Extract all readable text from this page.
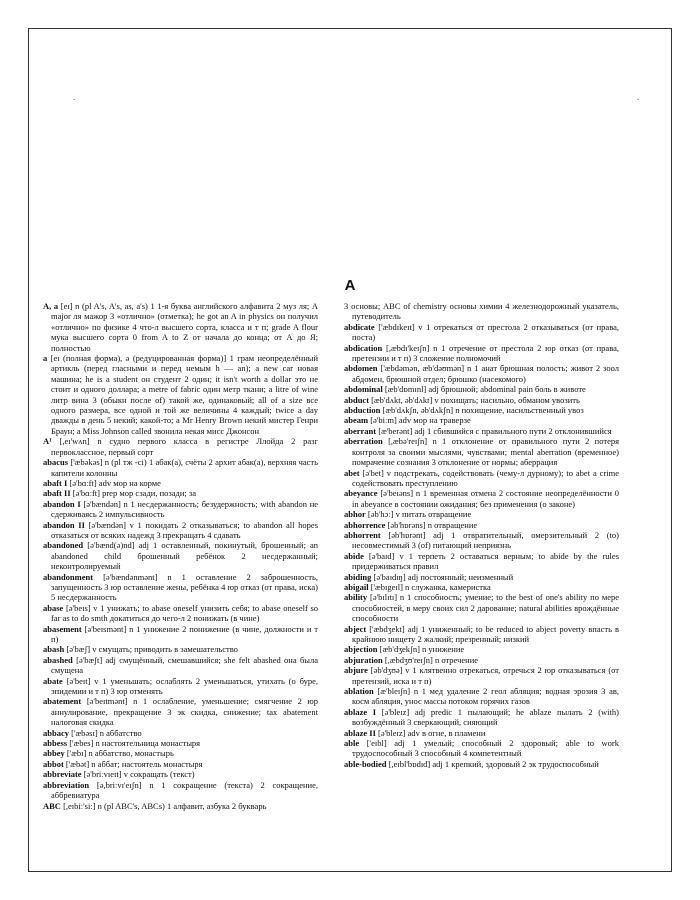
.	.
A

A, a [eɪ] n (pl A's, A's, as, a's) 1 1-я буква английского алфавита 2 муз ля; A major ля мажор 3 «отлично» (отметка); he got an A in physics он получил «отлично» по физике 4 что-л высшего сорта, класса и т п; grade A flour мука высшего сорта 0 from A to Z от начала до конца; от А до Я; полностью

a [eɪ (полная форма), ə (редуцированная форма)] 1 грам неопределённый артикль (перед гласными и перед немым h — an); a new car новая машина; he is a student он студент 2 один; it isn't worth a dollar это не стоит и одного доллара; a metre of fabric один метр ткани; a litre of wine литр вина 3 (обыкн после of) такой же, одинаковый; all of a size все одного размера, все одной и той же величины 4 каждый; twice a day дважды в день 5 некий; какой-то; a Mr Henry Brown некий мистер Генри Браун; a Miss Johnson called звонила некая мисс Джонсон

A¹ [,eɪ'wʌn] n судно первого класса в регистре Ллойда 2 разг первоклассное, первый сорт

abacus ['æbəkəs] n (pl тж -ci) 1 абак(а), счёты 2 архит абак(а), верхняя часть капители колонны

abaft I [ə'bɑːft] adv мор на корме

abaft II [ə'bɑːft] prep мор сзади, позади; за

abandon I [ə'bændən] n 1 несдержанность; безудержность; with abandon не сдерживаясь 2 импульсивность

abandon II [ə'bændən] v 1 покидать 2 отказываться; to abandon all hopes отказаться от всяких надежд 3 прекращать 4 сдавать

abandoned [ə'bænd(ə)nd] adj 1 оставленный, покинутый, брошенный; an abandoned child брошенный ребёнок 2 несдержанный; неконтролируемый

abandonment [ə'bændənmənt] n 1 оставление 2 заброшенность, запущенность 3 юр оставление жены, ребёнка 4 юр отказ (от права, иска) 5 несдержанность

abase [ə'beɪs] v 1 унижать; to abase oneself унизить себя; to abase oneself so far as to do smth докатиться до чего-л 2 понижать (в чине)

abasement [ə'beɪsmənt] n 1 унижение 2 понижение (в чине, должности и т п)

abash [ə'bæʃ] v смущать; приводить в замешательство

abashed [ə'bæʃt] adj смущённый, смешавшийся; she felt abashed она была смущена

abate [ə'beɪt] v 1 уменьшать; ослаблять 2 уменьшаться, утихать (о буре, эпидемии и т п) 3 юр отменять

abatement [ə'beɪtmənt] n 1 ослабление, уменьшение; смягчение 2 юр аннулирование, прекращение 3 эк скидка, снижение; tax abatement налоговая скидка

abbacy ['æbəsɪ] n аббатство

abbess ['æbes] n настоятельница монастыря

abbey ['æbɪ] n аббатство, монастырь

abbot ['æbət] n аббат; настоятель монастыря

abbreviate [ə'briːvɪeɪt] v сокращать (текст)

abbreviation [ə,briːvɪ'eɪʃn] n 1 сокращение (текста) 2 сокращение, аббревиатура

ABC [,eɪbiː'siː] n (pl ABC's, ABCs) 1 алфавит, азбука 2 букварь

3 основы; ABC of chemistry основы химии 4 железнодорожный указатель, путеводитель

abdicate ['æbdɪkeɪt] v 1 отрекаться от престола 2 отказываться (от права, поста)

abdication [,æbdɪ'keɪʃn] n 1 отречение от престола 2 юр отказ (от права, претензии и т п) 3 сложение полномочий

abdomen ['æbdəmən, æb'dəʊmən] n 1 анат брюшная полость; живот 2 зоол абдомен, брюшной отдел; брюшко (насекомого)

abdominal [æb'dɒmɪnl] adj брюшной; abdominal pain боль в животе

abduct [æb'dʌkt, əb'dʌkt] v похищать; насильно, обманом увозить

abduction [æb'dʌkʃn, əb'dʌkʃn] n похищение, насильственный увоз

abeam [ə'biːm] adv мор на траверзе

aberrant [æ'berənt] adj 1 сбившийся с правильного пути 2 отклонившийся

aberration [,æbə'reɪʃn] n 1 отклонение от правильного пути 2 потеря контроля за своими мыслями, чувствами; mental aberration (временное) помрачение сознания 3 отклонение от нормы; аберрация

abet [ə'bet] v подстрекать, содействовать (чему-л дурному); to abet a crime содействовать преступлению

abeyance [ə'beɪəns] n 1 временная отмена 2 состояние неопределённости 0 in abeyance в состоянии ожидания; без применения (о законе)

abhor [əb'hɔː] v питать отвращение

abhorrence [əb'hɒrəns] n отвращение

abhorrent [əb'hɒrənt] adj 1 отвратительный, омерзительный 2 (to) несовместимый 3 (of) питающий неприязнь

abide [ə'baɪd] v 1 терпеть 2 оставаться верным; to abide by the rules придерживаться правил

abiding [ə'baɪdɪŋ] adj постоянный; неизменный

abigail ['æbɪgeɪl] n служанка, камеристка

ability [ə'bɪlɪtɪ] n 1 способность; умение; to the best of one's ability по мере способностей, в меру своих сил 2 дарование; natural abilities врождённые способности

abject ['æbdʒekt] adj 1 униженный; to be reduced to abject poverty впасть в крайнюю нищету 2 жалкий; презренный; низкий

abjection [æb'dʒekʃn] n унижение

abjuration [,æbdʒʊ'reɪʃn] n отречение

abjure [əb'dʒʊə] v 1 клятвенно отрекаться, отречься 2 юр отказываться (от претензий, иска и т п)

ablation [æ'bleɪʃn] n 1 мед удаление 2 геол абляция; водная эрозия 3 ав, косм абляция, унос массы потоком горячих газов

ablaze I [ə'bleɪz] adj predic 1 пылающий; he ablaze пылать 2 (with) возбуждённый 3 сверкающий, сияющий

ablaze II [ə'bleɪz] adv в огне, в пламени

able ['eɪbl] adj 1 умелый; способный 2 здоровый; able to work трудоспособный 3 способный 4 компетентный

able-bodied [,eɪbl'bɒdɪd] adj 1 крепкий, здоровый 2 эк трудоспособный
